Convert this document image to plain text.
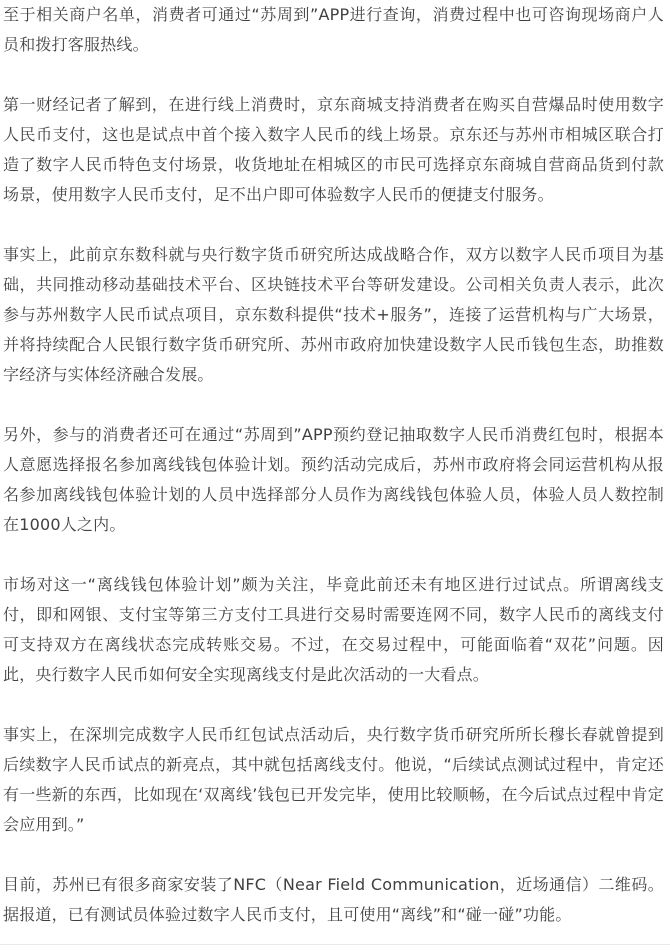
至于相关商户名单，消费者可通过“苏周到”APP进行查询，消费过程中也可咨询现场商户人员和拨打客服热线。

第一财经记者了解到，在进行线上消费时，京东商城支持消费者在购买自营爆品时使用数字人民币支付，这也是试点中首个接入数字人民币的线上场景。京东还与苏州市相城区联合打造了数字人民币特色支付场景，收货地址在相城区的市民可选择京东商城自营商品货到付款场景，使用数字人民币支付，足不出户即可体验数字人民币的便捷支付服务。

事实上，此前京东数科就与央行数字货币研究所达成战略合作，双方以数字人民币项目为基础，共同推动移动基础技术平台、区块链技术平台等研发建设。公司相关负责人表示，此次参与苏州数字人民币试点项目，京东数科提供“技术+服务”，连接了运营机构与广大场景，并将持续配合人民银行数字货币研究所、苏州市政府加快建设数字人民币钱包生态，助推数字经济与实体经济融合发展。

另外，参与的消费者还可在通过“苏周到”APP预约登记抽取数字人民币消费红包时，根据本人意愿选择报名参加离线钱包体验计划。预约活动完成后，苏州市政府将会同运营机构从报名参加离线钱包体验计划的人员中选择部分人员作为离线钱包体验人员，体验人员人数控制在1000人之内。

市场对这一“离线钱包体验计划”颇为关注，毕竟此前还未有地区进行过试点。所谓离线支付，即和网银、支付宝等第三方支付工具进行交易时需要连网不同，数字人民币的离线支付可支持双方在离线状态完成转账交易。不过，在交易过程中，可能面临着“双花”问题。因此，央行数字人民币如何安全实现离线支付是此次活动的一大看点。

事实上，在深圳完成数字人民币红包试点活动后，央行数字货币研究所所长穆长春就曾提到后续数字人民币试点的新亮点，其中就包括离线支付。他说，“后续试点测试过程中，肯定还有一些新的东西，比如现在‘双离线’钱包已开发完毕，使用比较顺畅，在今后试点过程中肯定会应用到。”

目前，苏州已有很多商家安装了NFC（Near Field Communication，近场通信）二维码。据报道，已有测试员体验过数字人民币支付，且可使用“离线”和“碰一碰”功能。
